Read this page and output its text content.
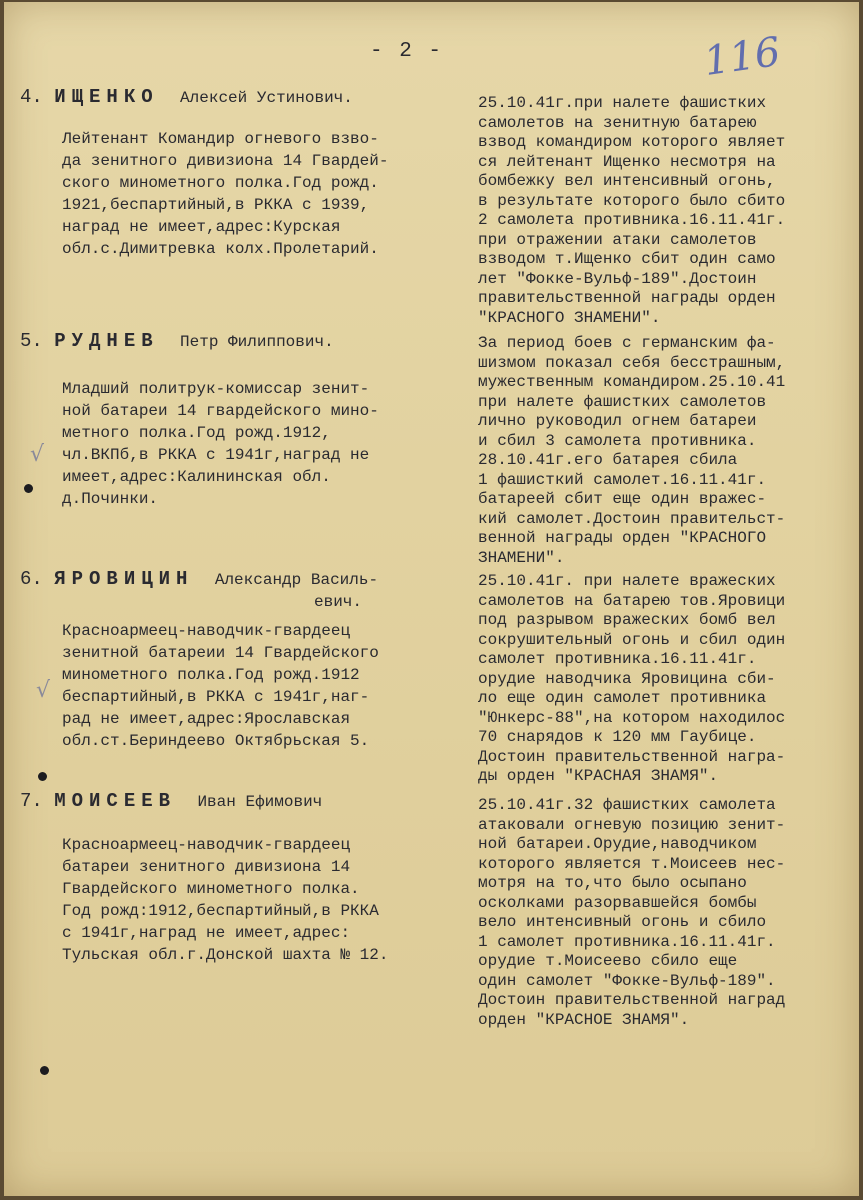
- 2 -	116
4. ИЩЕНКО Алексей Устинович.
Лейтенант Командир огневого взво-
да зенитного дивизиона 14 Гвардей-
ского минометного полка.Год рожд.
1921,беспартийный,в РККА с 1939,
наград не имеет,адрес:Курская
обл.с.Димитревка колх.Пролетарий.
25.10.41г.при налете фашистких
самолетов на зенитную батарею
взвод командиром которого являет
ся лейтенант Ищенко несмотря на
бомбежку вел интенсивный огонь,
в результате которого было сбито
2 самолета противника.16.11.41г.
при отражении атаки самолетов
взводом т.Ищенко сбит один само
лет "Фокке-Вульф-189".Достоин
правительственной награды орден
"КРАСНОГО ЗНАМЕНИ".
5. РУДНЕВ Петр Филиппович.
Младший политрук-комиссар зенит-
ной батареи 14 гвардейского мино-
метного полка.Год рожд.1912,
чл.ВКПб,в РККА с 1941г,наград не
имеет,адрес:Калининская обл.
д.Починки.
За период боев с германским фа-
шизмом показал себя бесстрашным,
мужественным командиром.25.10.41
при налете фашистких самолетов
лично руководил огнем батареи
и сбил 3 самолета противника.
28.10.41г.его батарея сбила
1 фашисткий самолет.16.11.41г.
батареей сбит еще один вражес-
кий самолет.Достоин правительст-
венной награды орден "КРАСНОГО
ЗНАМЕНИ".
6. ЯРОВИЦИН Александр Василь-
евич.
Красноармеец-наводчик-гвардеец
зенитной батареии 14 Гвардейского
минометного полка.Год рожд.1912
беспартийный,в РККА с 1941г,наг-
рад не имеет,адрес:Ярославская
обл.ст.Бериндеево Октябрьская 5.
25.10.41г. при налете вражеских
самолетов на батарею тов.Яровици
под разрывом вражеских бомб вел
сокрушительный огонь и сбил один
самолет противника.16.11.41г.
орудие наводчика Яровицина сби-
ло еще один самолет противника
"Юнкерс-88",на котором находилос
70 снарядов к 120 мм Гаубице.
Достоин правительственной награ-
ды орден "КРАСНАЯ ЗНАМЯ".
7. МОИСЕЕВ Иван Ефимович
Красноармеец-наводчик-гвардеец
батареи зенитного дивизиона 14
Гвардейского минометного полка.
Год рожд:1912,беспартийный,в РККА
с 1941г,наград не имеет,адрес:
Тульская обл.г.Донской шахта № 12.
25.10.41г.32 фашистких самолета
атаковали огневую позицию зенит-
ной батареи.Орудие,наводчиком
которого является т.Моисеев нес-
мотря на то,что было осыпано
осколками разорвавшейся бомбы
вело интенсивный огонь и сбило
1 самолет противника.16.11.41г.
орудие т.Моисеево сбило еще
один самолет "Фокке-Вульф-189".
Достоин правительственной наград
орден "КРАСНОЕ ЗНАМЯ".
√
√
